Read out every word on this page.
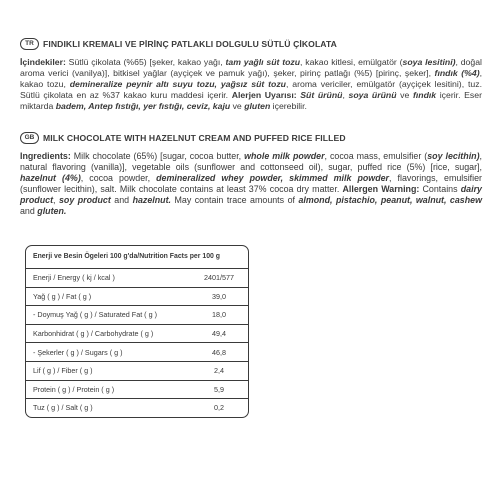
TR	FINDIKLI KREMALI VE PİRİNÇ PATLAKLI DOLGULU SÜTLÜ ÇİKOLATA
İçindekiler: Sütlü çikolata (%65) [şeker, kakao yağı, tam yağlı süt tozu, kakao kitlesi, emülgatör (soya lesitini), doğal aroma verici (vanilya)], bitkisel yağlar (ayçiçek ve pamuk yağı), şeker, pirinç patlağı (%5) [pirinç, şeker], fındık (%4), kakao tozu, demineralize peynir altı suyu tozu, yağsız süt tozu, aroma vericiler, emülgatör (ayçiçek lesitini), tuz. Sütlü çikolata en az %37 kakao kuru maddesi içerir. Alerjen Uyarısı: Süt ürünü, soya ürünü ve fındık içerir. Eser miktarda badem, Antep fıstığı, yer fıstığı, ceviz, kaju ve gluten içerebilir.
GB	MILK CHOCOLATE WITH HAZELNUT CREAM AND PUFFED RICE FILLED
Ingredients: Milk chocolate (65%) [sugar, cocoa butter, whole milk powder, cocoa mass, emulsifier (soy lecithin), natural flavoring (vanilla)], vegetable oils (sunflower and cottonseed oil), sugar, puffed rice (5%) [rice, sugar], hazelnut (4%), cocoa powder, demineralized whey powder, skimmed milk powder, flavorings, emulsifier (sunflower lecithin), salt. Milk chocolate contains at least 37% cocoa dry matter. Allergen Warning: Contains dairy product, soy product and hazelnut. May contain trace amounts of almond, pistachio, peanut, walnut, cashew and gluten.
Enerji ve Besin Ögeleri 100 g'da/Nutrition Facts per 100 g
Enerji / Energy ( kj / kcal )	2401/577
Yağ ( g ) / Fat ( g )	39,0
- Doymuş Yağ ( g ) / Saturated Fat ( g )	18,0
Karbonhidrat ( g ) / Carbohydrate ( g )	49,4
- Şekerler ( g ) / Sugars ( g )	46,8
Lif ( g ) / Fiber ( g )	2,4
Protein ( g ) / Protein ( g )	5,9
Tuz ( g ) / Salt ( g )	0,2
